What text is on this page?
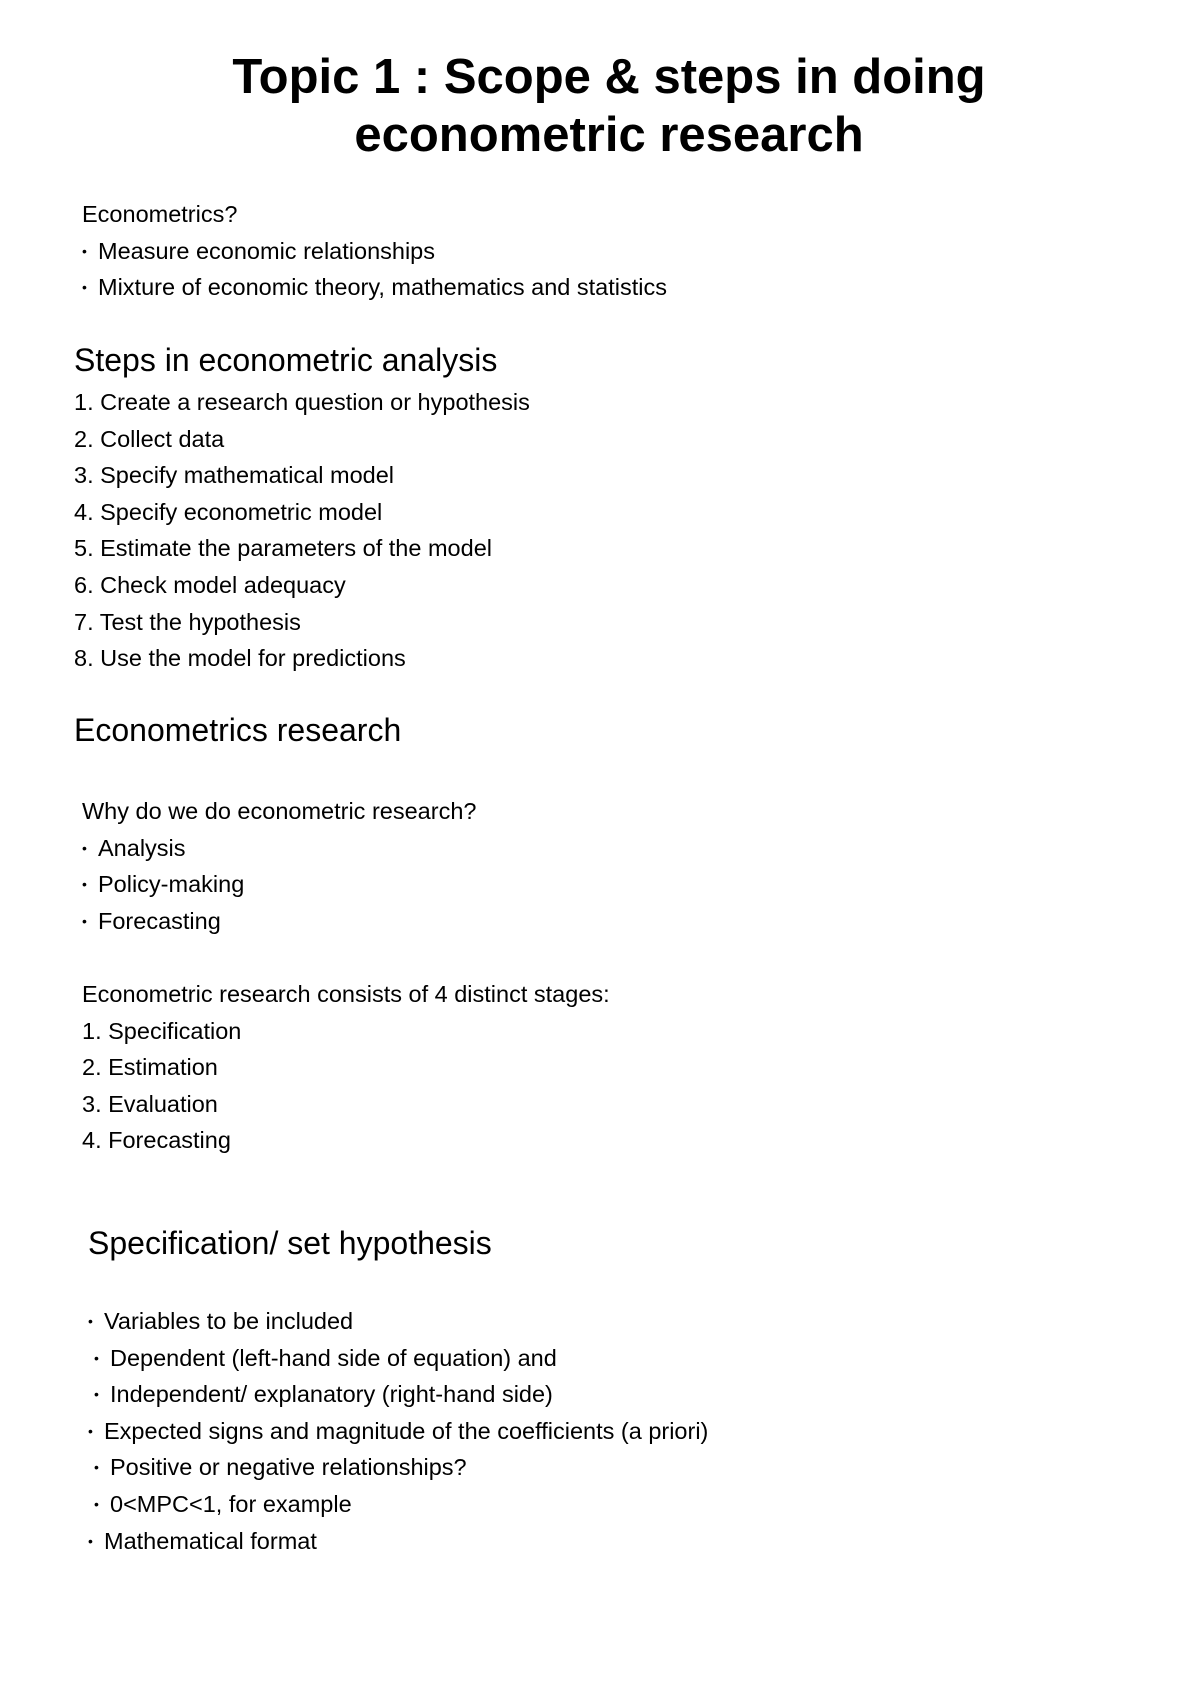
Topic 1 : Scope & steps in doing
econometric research
Econometrics?
• Measure economic relationships
• Mixture of economic theory, mathematics and statistics
Steps in econometric analysis
1. Create a research question or hypothesis
2. Collect data
3. Specify mathematical model
4. Specify econometric model
5. Estimate the parameters of the model
6. Check model adequacy
7. Test the hypothesis
8. Use the model for predictions
Econometrics research
Why do we do econometric research?
• Analysis
• Policy-making
• Forecasting
Econometric research consists of 4 distinct stages:
1. Specification
2. Estimation
3. Evaluation
4. Forecasting
Specification/ set hypothesis
• Variables to be included
• Dependent (left-hand side of equation) and
• Independent/ explanatory (right-hand side)
• Expected signs and magnitude of the coefficients (a priori)
• Positive or negative relationships?
• 0<MPC<1, for example
• Mathematical format
